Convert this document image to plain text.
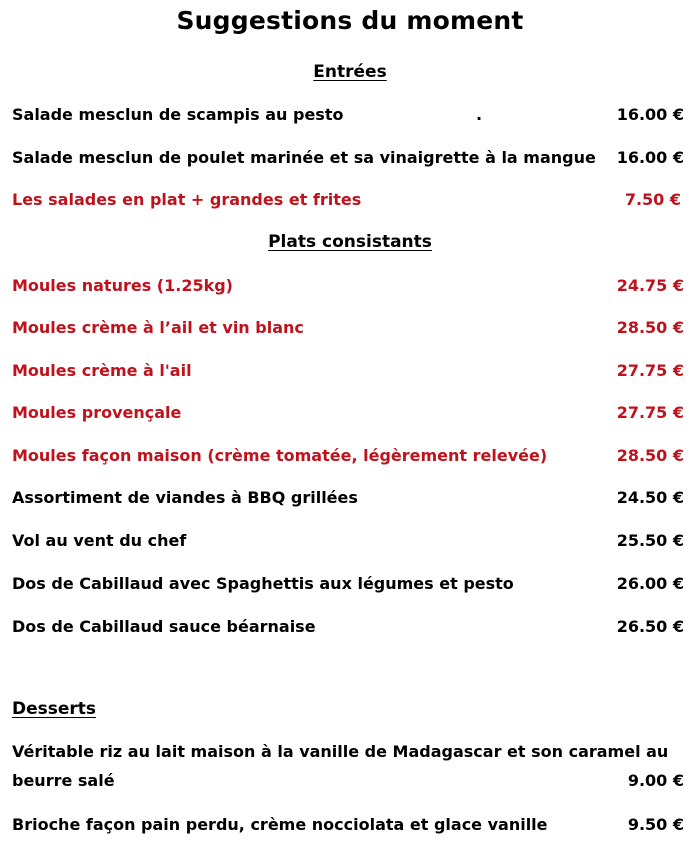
Suggestions du moment
Entrées
Salade mesclun de scampis au pesto	.	16.00 €
Salade mesclun de poulet marinée et sa vinaigrette à la mangue 16.00 €
Les salades en plat + grandes et frites	7.50 €
Plats consistants
Moules natures (1.25kg)	24.75 €
Moules crème à l’ail et vin blanc	28.50 €
Moules crème à l'ail	27.75 €
Moules provençale	27.75 €
Moules façon maison (crème tomatée, légèrement relevée)	28.50 €
Assortiment de viandes à BBQ grillées	24.50 €
Vol au vent du chef	25.50 €
Dos de Cabillaud avec Spaghettis aux légumes et pesto	26.00 €
Dos de Cabillaud sauce béarnaise	26.50 €
Desserts
Véritable riz au lait maison à la vanille de Madagascar et son caramel au
beurre salé	9.00 €
Brioche façon pain perdu, crème nocciolata et glace vanille	9.50 €
